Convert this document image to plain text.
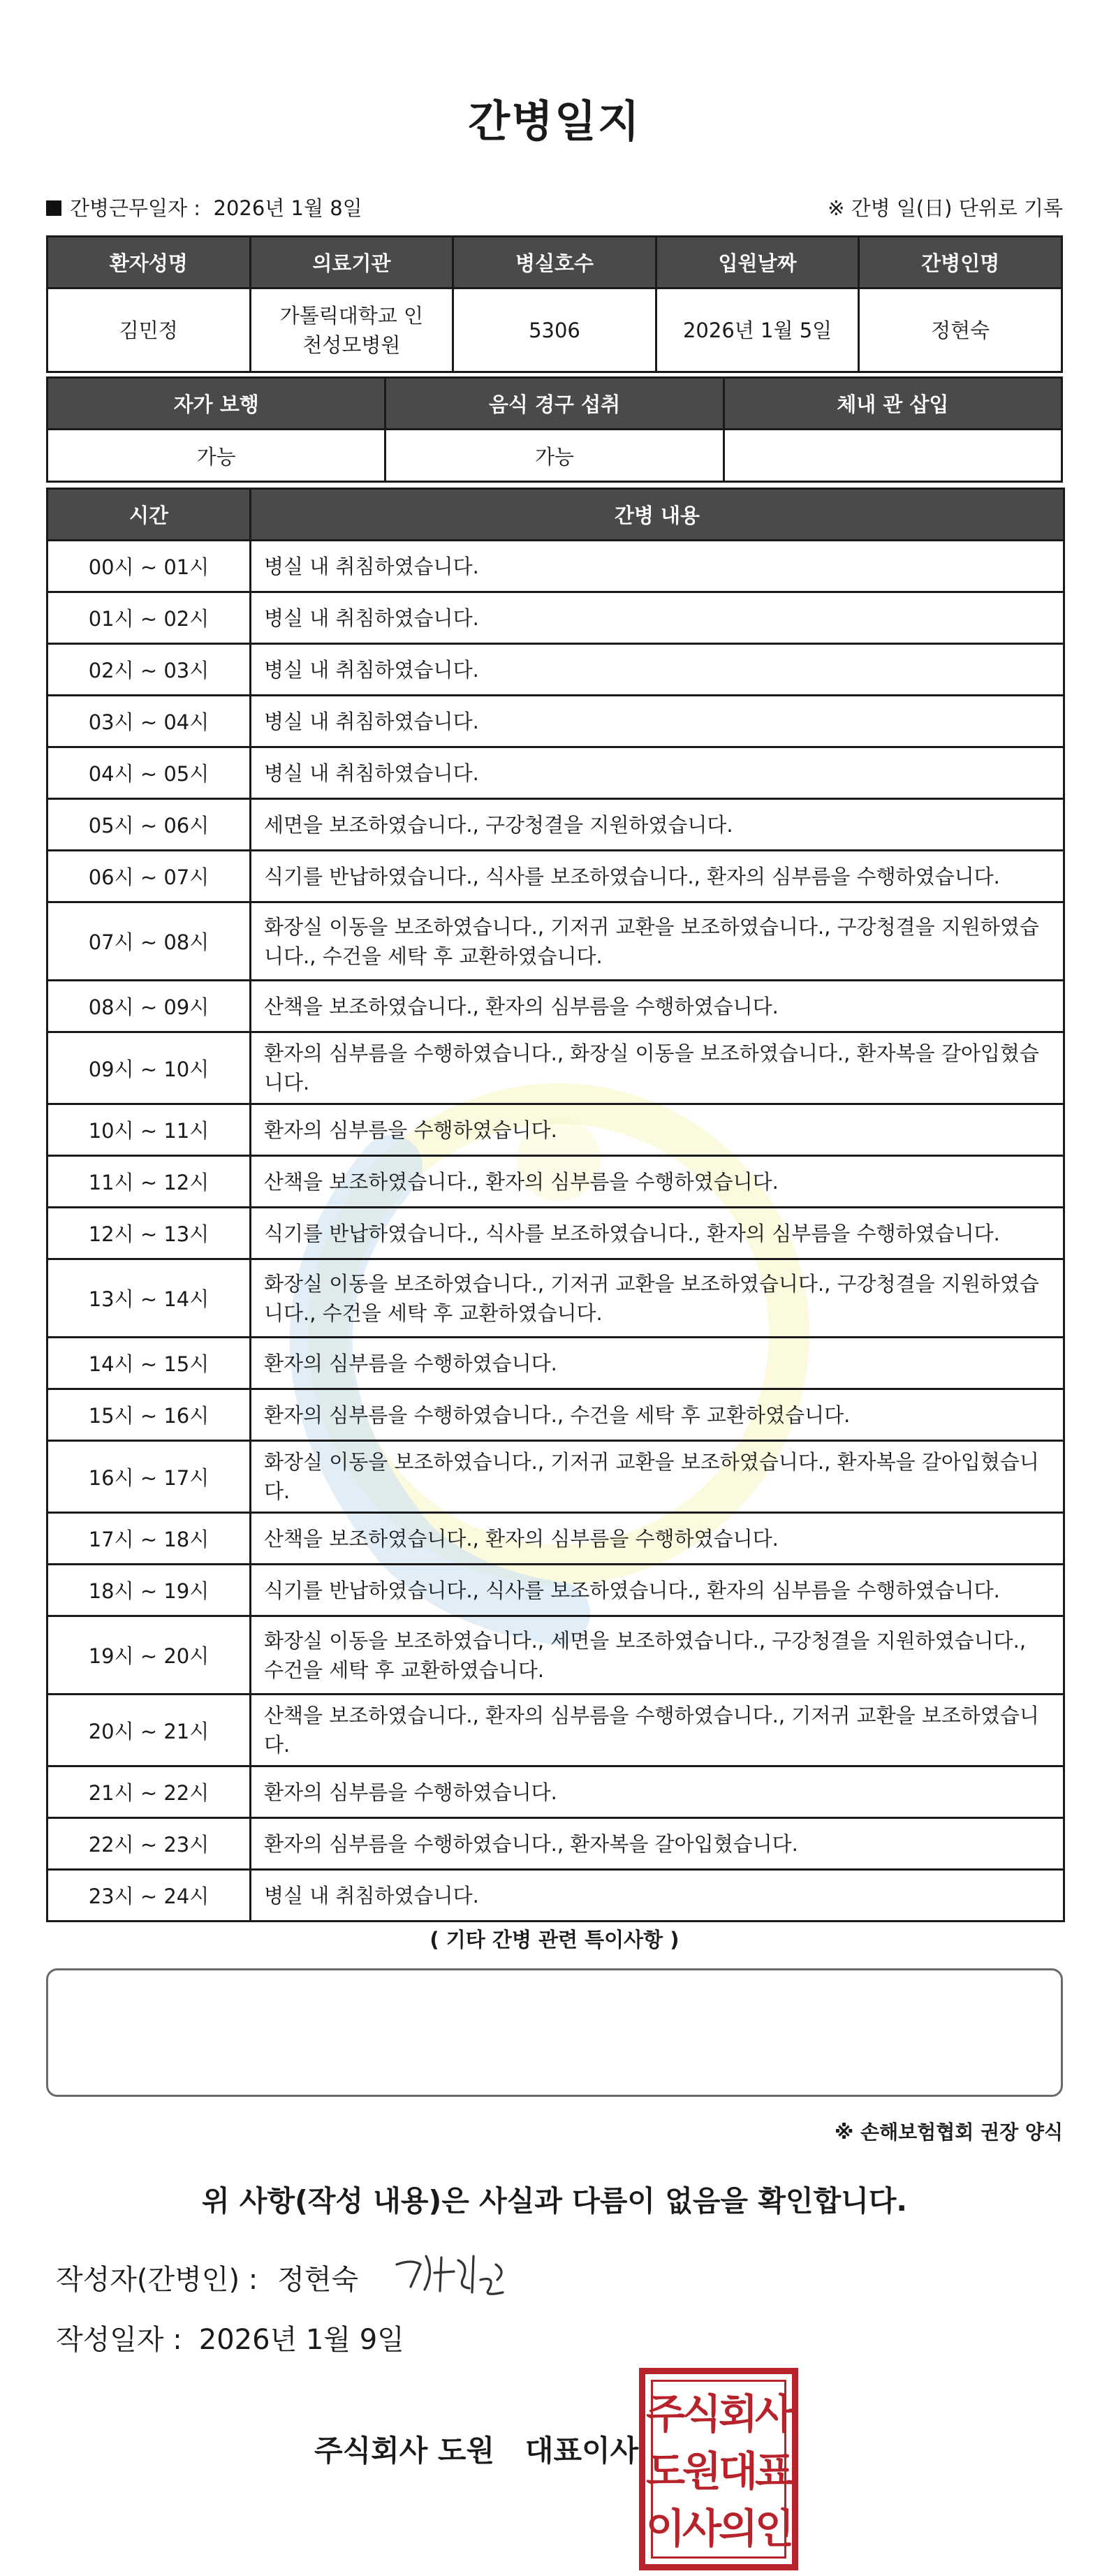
간병일지
간병근무일자 : 2026년 1월 8일	※ 간병 일(日) 단위로 기록
환자성명	의료기관	병실호수	입원날짜	간병인명
김민정	가톨릭대학교 인천성모병원	5306	2026년 1월 5일	정현숙
자가 보행	음식 경구 섭취	체내 관 삽입
가능	가능	
시간	간병 내용
00시 ~ 01시	병실 내 취침하였습니다.
01시 ~ 02시	병실 내 취침하였습니다.
02시 ~ 03시	병실 내 취침하였습니다.
03시 ~ 04시	병실 내 취침하였습니다.
04시 ~ 05시	병실 내 취침하였습니다.
05시 ~ 06시	세면을 보조하였습니다., 구강청결을 지원하였습니다.
06시 ~ 07시	식기를 반납하였습니다., 식사를 보조하였습니다., 환자의 심부름을 수행하였습니다.
07시 ~ 08시	화장실 이동을 보조하였습니다., 기저귀 교환을 보조하였습니다., 구강청결을 지원하였습니다., 수건을 세탁 후 교환하였습니다.
08시 ~ 09시	산책을 보조하였습니다., 환자의 심부름을 수행하였습니다.
09시 ~ 10시	환자의 심부름을 수행하였습니다., 화장실 이동을 보조하였습니다., 환자복을 갈아입혔습니다.
10시 ~ 11시	환자의 심부름을 수행하였습니다.
11시 ~ 12시	산책을 보조하였습니다., 환자의 심부름을 수행하였습니다.
12시 ~ 13시	식기를 반납하였습니다., 식사를 보조하였습니다., 환자의 심부름을 수행하였습니다.
13시 ~ 14시	화장실 이동을 보조하였습니다., 기저귀 교환을 보조하였습니다., 구강청결을 지원하였습니다., 수건을 세탁 후 교환하였습니다.
14시 ~ 15시	환자의 심부름을 수행하였습니다.
15시 ~ 16시	환자의 심부름을 수행하였습니다., 수건을 세탁 후 교환하였습니다.
16시 ~ 17시	화장실 이동을 보조하였습니다., 기저귀 교환을 보조하였습니다., 환자복을 갈아입혔습니다.
17시 ~ 18시	산책을 보조하였습니다., 환자의 심부름을 수행하였습니다.
18시 ~ 19시	식기를 반납하였습니다., 식사를 보조하였습니다., 환자의 심부름을 수행하였습니다.
19시 ~ 20시	화장실 이동을 보조하였습니다., 세면을 보조하였습니다., 구강청결을 지원하였습니다., 수건을 세탁 후 교환하였습니다.
20시 ~ 21시	산책을 보조하였습니다., 환자의 심부름을 수행하였습니다., 기저귀 교환을 보조하였습니다.
21시 ~ 22시	환자의 심부름을 수행하였습니다.
22시 ~ 23시	환자의 심부름을 수행하였습니다., 환자복을 갈아입혔습니다.
23시 ~ 24시	병실 내 취침하였습니다.
( 기타 간병 관련 특이사항 )
※ 손해보험협회 권장 양식
위 사항(작성 내용)은 사실과 다름이 없음을 확인합니다.
작성자(간병인) : 정현숙
작성일자 : 2026년 1월 9일
주식회사 도원   대표이사
주식회사
도원대표
이사의인
